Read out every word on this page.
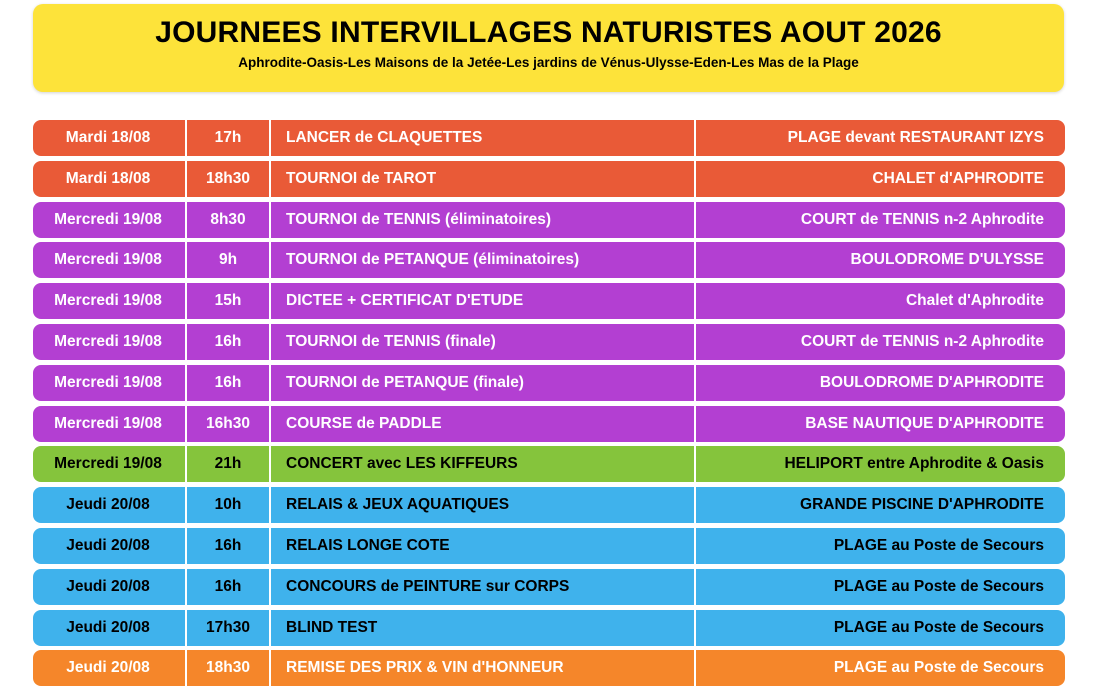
JOURNEES INTERVILLAGES NATURISTES AOUT 2026
Aphrodite-Oasis-Les Maisons de la Jetée-Les jardins de Vénus-Ulysse-Eden-Les Mas de la Plage
Mardi 18/08	17h	LANCER de CLAQUETTES	PLAGE devant RESTAURANT IZYS
Mardi 18/08	18h30	TOURNOI de TAROT	CHALET d'APHRODITE
Mercredi 19/08	8h30	TOURNOI de TENNIS (éliminatoires)	COURT de TENNIS n-2 Aphrodite
Mercredi 19/08	9h	TOURNOI de PETANQUE (éliminatoires)	BOULODROME D'ULYSSE
Mercredi 19/08	15h	DICTEE + CERTIFICAT D'ETUDE	Chalet d'Aphrodite
Mercredi 19/08	16h	TOURNOI de TENNIS (finale)	COURT de TENNIS n-2 Aphrodite
Mercredi 19/08	16h	TOURNOI de PETANQUE (finale)	BOULODROME D'APHRODITE
Mercredi 19/08	16h30	COURSE de PADDLE	BASE NAUTIQUE D'APHRODITE
Mercredi 19/08	21h	CONCERT avec LES KIFFEURS	HELIPORT entre Aphrodite & Oasis
Jeudi 20/08	10h	RELAIS & JEUX AQUATIQUES	GRANDE PISCINE D'APHRODITE
Jeudi 20/08	16h	RELAIS LONGE COTE	PLAGE au Poste de Secours
Jeudi 20/08	16h	CONCOURS de PEINTURE sur CORPS	PLAGE au Poste de Secours
Jeudi 20/08	17h30	BLIND TEST	PLAGE au Poste de Secours
Jeudi 20/08	18h30	REMISE DES PRIX & VIN d'HONNEUR	PLAGE au Poste de Secours
